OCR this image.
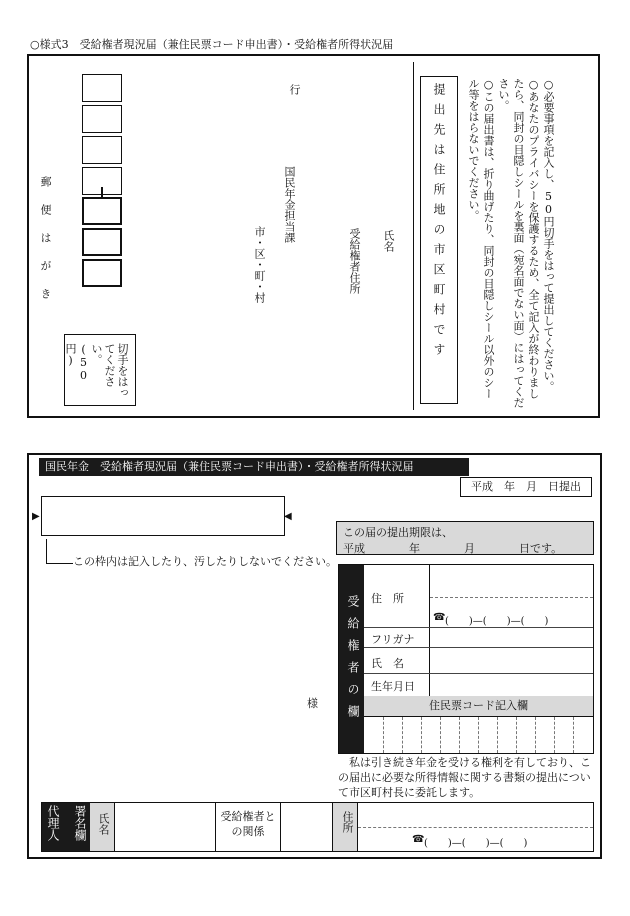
○様式3　受給権者現況届（兼住民票コード申出書）・受給権者所得状況届
郵　便　は　が　き
切手をはってください。(50円)
市・区・町・村
国民年金担当課
行
受給権者住所 氏名	提出先は住所地の市区町村です	○必要事項を記入し、50円切手をはって提出してください。
○あなたのプライバシーを保護するため、全て記入が終わりましたら、同封の目隠しシールを裏面（宛名面でない面）にはってください。
○この届出書は、折り曲げたり、同封の目隠しシール以外のシール等をはらないでください。
国民年金　受給権者現況届（兼住民票コード申出書）・受給権者所得状況届
平成　年　月　日提出
▶	◀
この枠内は記入したり、汚したりしないでください。
この届の提出期限は、
平成　　　　年　　　　月　　　　日です。
様 受給権者の欄 住　所
☎ (　　)—(　　)—(　　)
フリガナ
氏　名
生年月日
住民票コード記入欄
私は引き続き年金を受ける権利を有しており、この届出に必要な所得情報に関する書類の提出について市区町村長に委託します。
署名欄
代理人	氏名	受給権者との関係	住所
☎ (　　)—(　　)—(　　)
